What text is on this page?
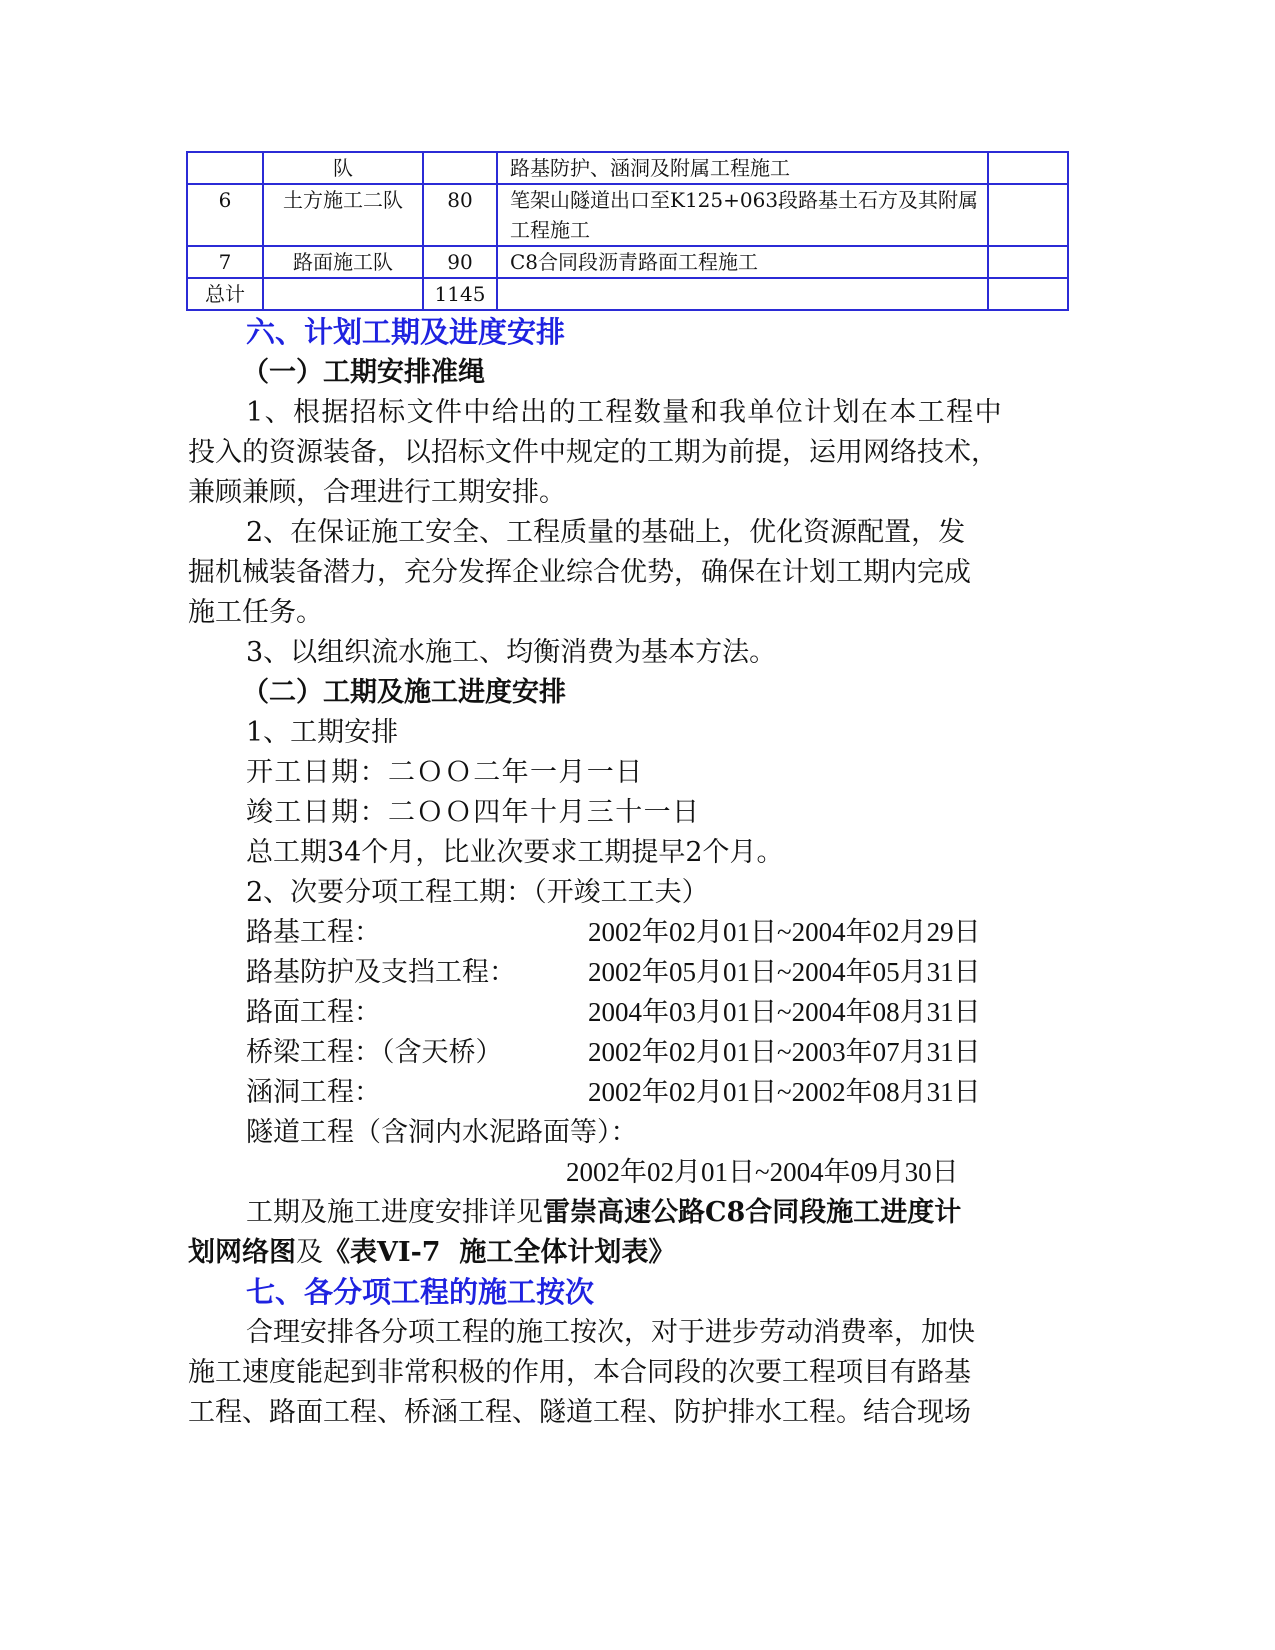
	队		路基防护、涵洞及附属工程施工	
6	土方施工二队	80	笔架山隧道出口至K125+063段路基土石方及其附属工程施工	
7	路面施工队	90	C8合同段沥青路面工程施工	
总计		1145		
六、计划工期及进度安排
（一）工期安排准绳
1、根据招标文件中给出的工程数量和我单位计划在本工程中
投入的资源装备，以招标文件中规定的工期为前提，运用网络技术，
兼顾兼顾，合理进行工期安排。
2、在保证施工安全、工程质量的基础上，优化资源配置，发
掘机械装备潜力，充分发挥企业综合优势，确保在计划工期内完成
施工任务。
3、以组织流水施工、均衡消费为基本方法。
（二）工期及施工进度安排
1、工期安排
开工日期：二ＯＯ二年一月一日
竣工日期：二ＯＯ四年十月三十一日
总工期34个月，比业次要求工期提早2个月。
2、次要分项工程工期：（开竣工工夫）
路基工程：	2002年02月01日~2004年02月29日
路基防护及支挡工程：	2002年05月01日~2004年05月31日
路面工程：	2004年03月01日~2004年08月31日
桥梁工程：（含天桥）	2002年02月01日~2003年07月31日
涵洞工程：	2002年02月01日~2002年08月31日
隧道工程（含洞内水泥路面等）：
2002年02月01日~2004年09月30日
工期及施工进度安排详见雷崇高速公路C8合同段施工进度计
划网络图及《表VI-7  施工全体计划表》
七、各分项工程的施工按次
合理安排各分项工程的施工按次，对于进步劳动消费率，加快
施工速度能起到非常积极的作用，本合同段的次要工程项目有路基
工程、路面工程、桥涵工程、隧道工程、防护排水工程。结合现场
